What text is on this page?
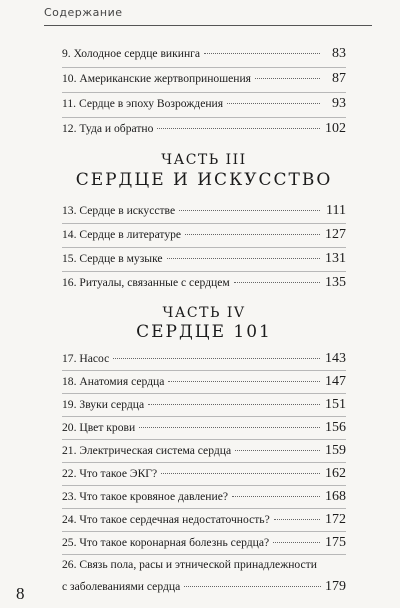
Содержание
9. Холодное сердце викинга	83
10. Американские жертвоприношения	87
11. Сердце в эпоху Возрождения	93
12. Туда и обратно	102
ЧАСТЬ III
СЕРДЦЕ И ИСКУССТВО
13. Сердце в искусстве	111
14. Сердце в литературе	127
15. Сердце в музыке	131
16. Ритуалы, связанные с сердцем	135
ЧАСТЬ IV
СЕРДЦЕ 101
17. Насос	143
18. Анатомия сердца	147
19. Звуки сердца	151
20. Цвет крови	156
21. Электрическая система сердца	159
22. Что такое ЭКГ?	162
23. Что такое кровяное давление?	168
24. Что такое сердечная недостаточность?	172
25. Что такое коронарная болезнь сердца?	175
26. Связь пола, расы и этнической принадлежности
с заболеваниями сердца	179
8
